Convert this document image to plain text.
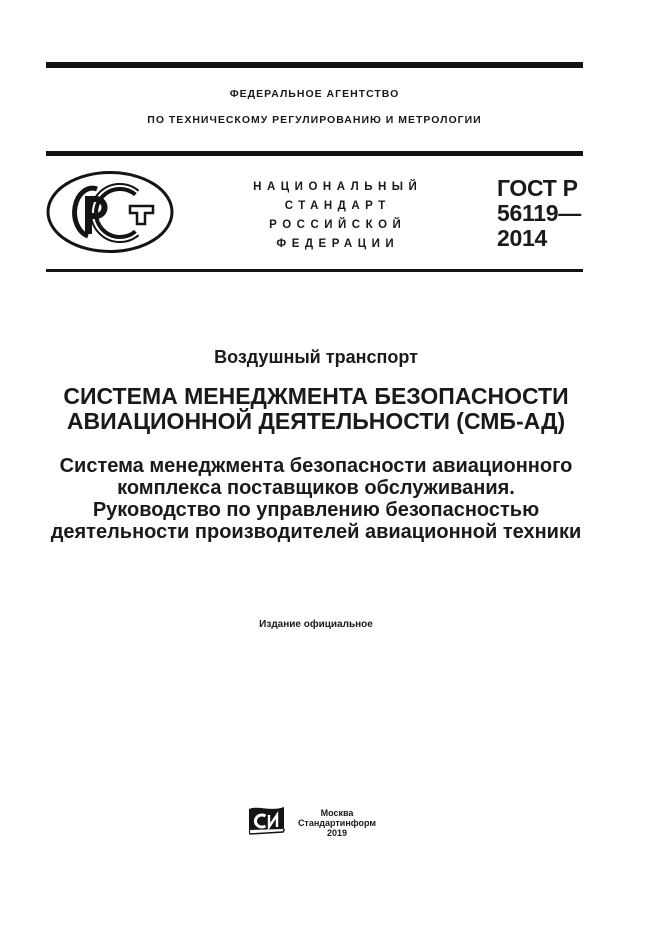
ФЕДЕРАЛЬНОЕ АГЕНТСТВО
ПО ТЕХНИЧЕСКОМУ РЕГУЛИРОВАНИЮ И МЕТРОЛОГИИ
НАЦИОНАЛЬНЫЙ
СТАНДАРТ
РОССИЙСКОЙ
ФЕДЕРАЦИИ
ГОСТ Р
56119—
2014
Воздушный транспорт
СИСТЕМА МЕНЕДЖМЕНТА БЕЗОПАСНОСТИ
АВИАЦИОННОЙ ДЕЯТЕЛЬНОСТИ (СМБ-АД)
Система менеджмента безопасности авиационного
комплекса поставщиков обслуживания.
Руководство по управлению безопасностью
деятельности производителей авиационной техники
Издание официальное
Москва
Стандартинформ
2019
